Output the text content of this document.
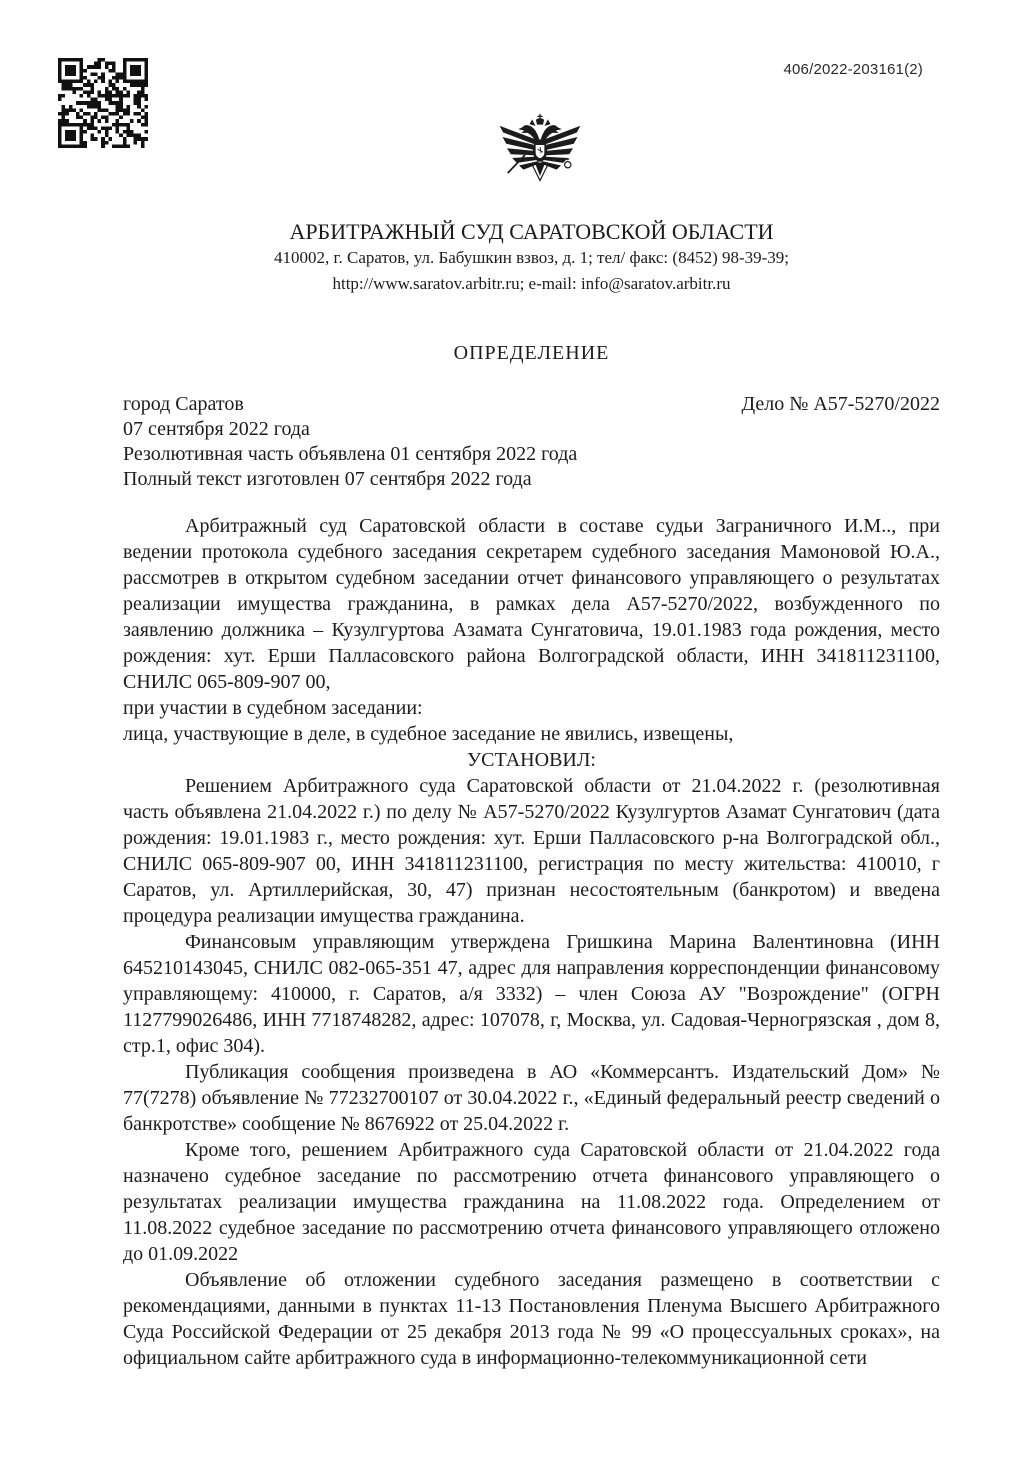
406/2022-203161(2)
АРБИТРАЖНЫЙ СУД САРАТОВСКОЙ ОБЛАСТИ
410002, г. Саратов, ул. Бабушкин взвоз, д. 1; тел/ факс: (8452) 98-39-39;
http://www.saratov.arbitr.ru; e-mail: info@saratov.arbitr.ru
ОПРЕДЕЛЕНИЕ
город Саратов	Дело № А57-5270/2022
07 сентября 2022 года
Резолютивная часть объявлена 01 сентября 2022 года
Полный текст изготовлен 07 сентября 2022 года

Арбитражный суд Саратовской области в составе судьи Заграничного И.М.., при ведении протокола судебного заседания секретарем судебного заседания Мамоновой Ю.А., рассмотрев в открытом судебном заседании отчет финансового управляющего о результатах реализации имущества гражданина, в рамках дела А57-5270/2022, возбужденного по заявлению должника – Кузулгуртова Азамата Сунгатовича, 19.01.1983 года рождения, место рождения: хут. Ерши Палласовского района Волгоградской области, ИНН 341811231100, СНИЛС 065-809-907 00,

при участии в судебном заседании:

лица, участвующие в деле, в судебное заседание не явились, извещены,

УСТАНОВИЛ:

Решением Арбитражного суда Саратовской области от 21.04.2022 г. (резолютивная часть объявлена 21.04.2022 г.) по делу № А57-5270/2022 Кузулгуртов Азамат Сунгатович (дата рождения: 19.01.1983 г., место рождения: хут. Ерши Палласовского р-на Волгоградской обл., СНИЛС 065-809-907 00, ИНН 341811231100, регистрация по месту жительства: 410010, г Саратов, ул. Артиллерийская, 30, 47) признан несостоятельным (банкротом) и введена процедура реализации имущества гражданина.

Финансовым управляющим утверждена Гришкина Марина Валентиновна (ИНН 645210143045, СНИЛС 082-065-351 47, адрес для направления корреспонденции финансовому управляющему: 410000, г. Саратов, а/я 3332) – член Союза АУ "Возрождение" (ОГРН 1127799026486, ИНН 7718748282, адрес: 107078, г, Москва, ул. Садовая-Черногрязская , дом 8, стр.1, офис 304).

Публикация сообщения произведена в АО «Коммерсантъ. Издательский Дом» № 77(7278) объявление № 77232700107 от 30.04.2022 г., «Единый федеральный реестр сведений о банкротстве» сообщение № 8676922 от 25.04.2022 г.

Кроме того, решением Арбитражного суда Саратовской области от 21.04.2022 года назначено судебное заседание по рассмотрению отчета финансового управляющего о результатах реализации имущества гражданина на 11.08.2022 года. Определением от 11.08.2022 судебное заседание по рассмотрению отчета финансового управляющего отложено до 01.09.2022

Объявление об отложении судебного заседания размещено в соответствии с рекомендациями, данными в пунктах 11-13 Постановления Пленума Высшего Арбитражного Суда Российской Федерации от 25 декабря 2013 года № 99 «О процессуальных сроках», на официальном сайте арбитражного суда в информационно-телекоммуникационной сети
